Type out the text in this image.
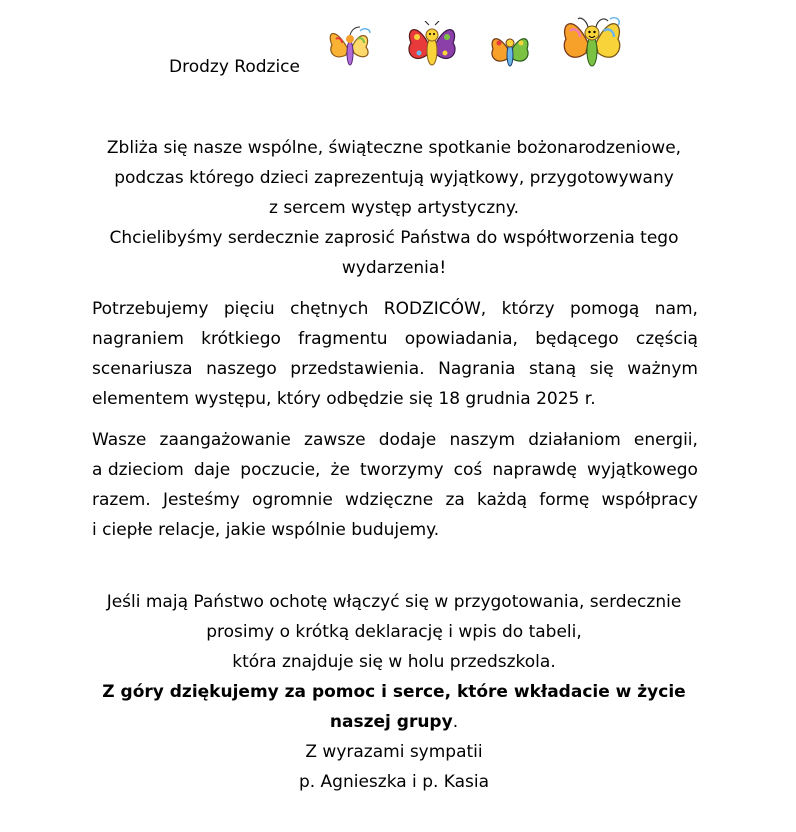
Drodzy Rodzice
Zbliża się nasze wspólne, świąteczne spotkanie bożonarodzeniowe,
podczas którego dzieci zaprezentują wyjątkowy, przygotowywany
z sercem występ artystyczny.
Chcielibyśmy serdecznie zaprosić Państwa do współtworzenia tego
wydarzenia!
Potrzebujemy pięciu chętnych RODZICÓW, którzy pomogą nam,
nagraniem krótkiego fragmentu opowiadania, będącego częścią
scenariusza naszego przedstawienia. Nagrania staną się ważnym
elementem występu, który odbędzie się 18 grudnia 2025 r.
Wasze zaangażowanie zawsze dodaje naszym działaniom energii,
a dzieciom daje poczucie, że tworzymy coś naprawdę wyjątkowego
razem. Jesteśmy ogromnie wdzięczne za każdą formę współpracy
i ciepłe relacje, jakie wspólnie budujemy.
Jeśli mają Państwo ochotę włączyć się w przygotowania, serdecznie
prosimy o krótką deklarację i wpis do tabeli,
która znajduje się w holu przedszkola.
Z góry dziękujemy za pomoc i serce, które wkładacie w życie
naszej grupy.
Z wyrazami sympatii
p. Agnieszka i p. Kasia
